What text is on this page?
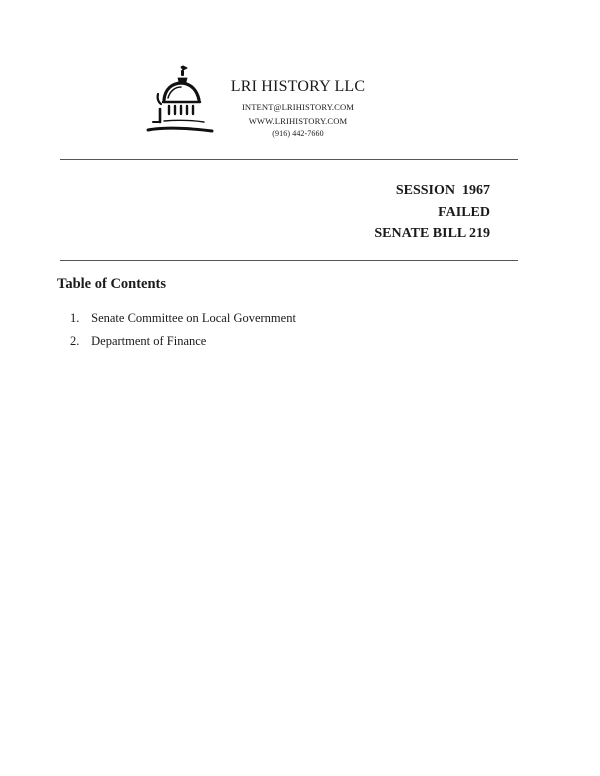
LRI HISTORY LLC
INTENT@LRIHISTORY.COM
WWW.LRIHISTORY.COM
(916) 442-7660
SESSION  1967
FAILED
SENATE BILL 219
Table of Contents
1. Senate Committee on Local Government
2. Department of Finance
